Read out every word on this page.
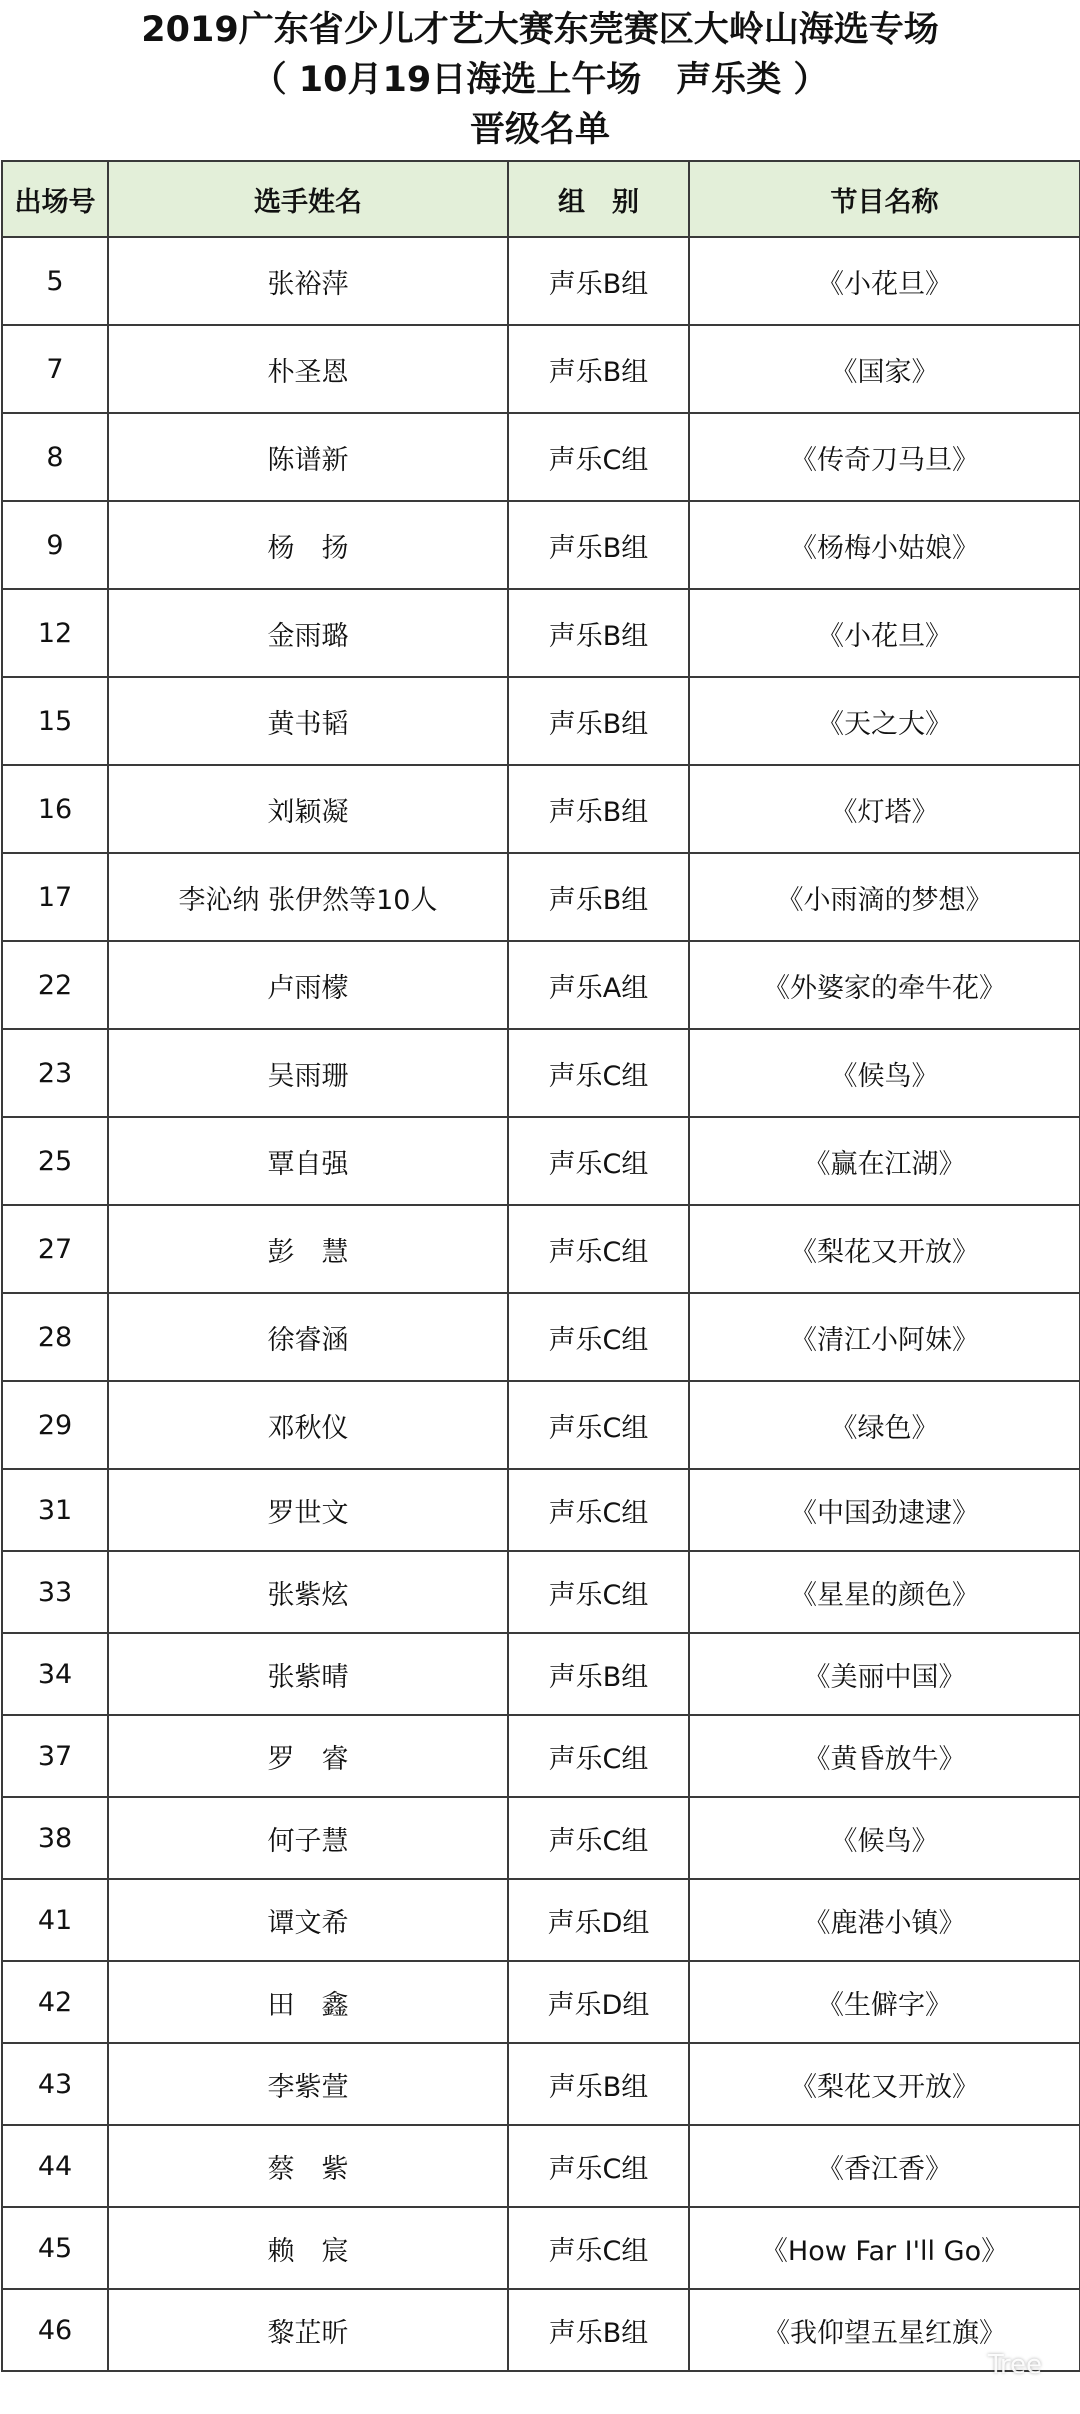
2019广东省少儿才艺大赛东莞赛区大岭山海选专场
（ 10月19日海选上午场　声乐类 ）
晋级名单
出场号	选手姓名	组　别	节目名称
5	张裕萍	声乐B组	《小花旦》
7	朴圣恩	声乐B组	《国家》
8	陈谱新	声乐C组	《传奇刀马旦》
9	杨　扬	声乐B组	《杨梅小姑娘》
12	金雨璐	声乐B组	《小花旦》
15	黄书韬	声乐B组	《天之大》
16	刘颖凝	声乐B组	《灯塔》
17	李沁纳 张伊然等10人	声乐B组	《小雨滴的梦想》
22	卢雨檬	声乐A组	《外婆家的牵牛花》
23	吴雨珊	声乐C组	《候鸟》
25	覃自强	声乐C组	《赢在江湖》
27	彭　慧	声乐C组	《梨花又开放》
28	徐睿涵	声乐C组	《清江小阿妹》
29	邓秋仪	声乐C组	《绿色》
31	罗世文	声乐C组	《中国劲逮逮》
33	张紫炫	声乐C组	《星星的颜色》
34	张紫晴	声乐B组	《美丽中国》
37	罗　睿	声乐C组	《黄昏放牛》
38	何子慧	声乐C组	《候鸟》
41	谭文希	声乐D组	《鹿港小镇》
42	田　鑫	声乐D组	《生僻字》
43	李紫萱	声乐B组	《梨花又开放》
44	蔡　紫	声乐C组	《香江香》
45	赖　宸	声乐C组	《How Far I'll Go》
46	黎芷昕	声乐B组	《我仰望五星红旗》
Tree
